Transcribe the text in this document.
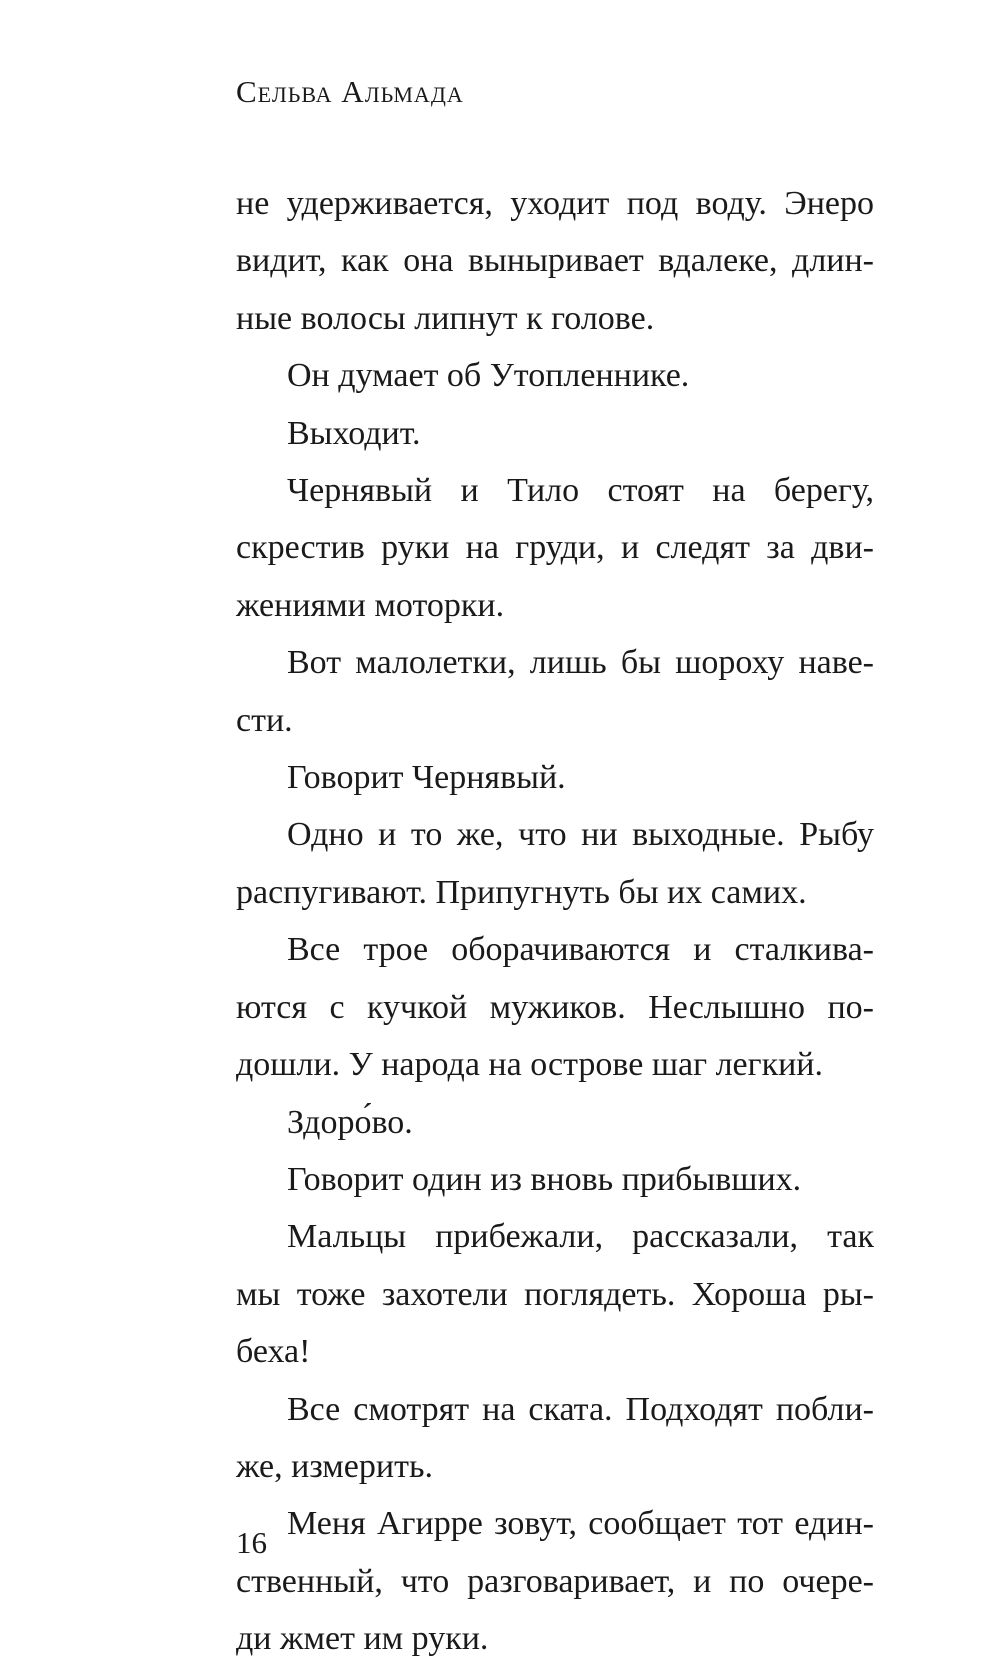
Сельва Альмада

не удерживается, уходит под воду. Энеро
видит, как она выныривает вдалеке, длин-
ные волосы липнут к голове.

Он думает об Утопленнике.

Выходит.

Чернявый и Тило стоят на берегу,
скрестив руки на груди, и следят за дви-
жениями моторки.

Вот малолетки, лишь бы шороху наве-
сти.

Говорит Чернявый.

Одно и то же, что ни выходные. Рыбу
распугивают. Припугнуть бы их самих.

Все трое оборачиваются и сталкива-
ются с кучкой мужиков. Неслышно по-
дошли. У народа на острове шаг легкий.

Здоро́во.

Говорит один из вновь прибывших.

Мальцы прибежали, рассказали, так
мы тоже захотели поглядеть. Хороша ры-
беха!

Все смотрят на ската. Подходят побли-
же, измерить.

Меня Агирре зовут, сообщает тот един-
ственный, что разговаривает, и по очере-
ди жмет им руки.

16
